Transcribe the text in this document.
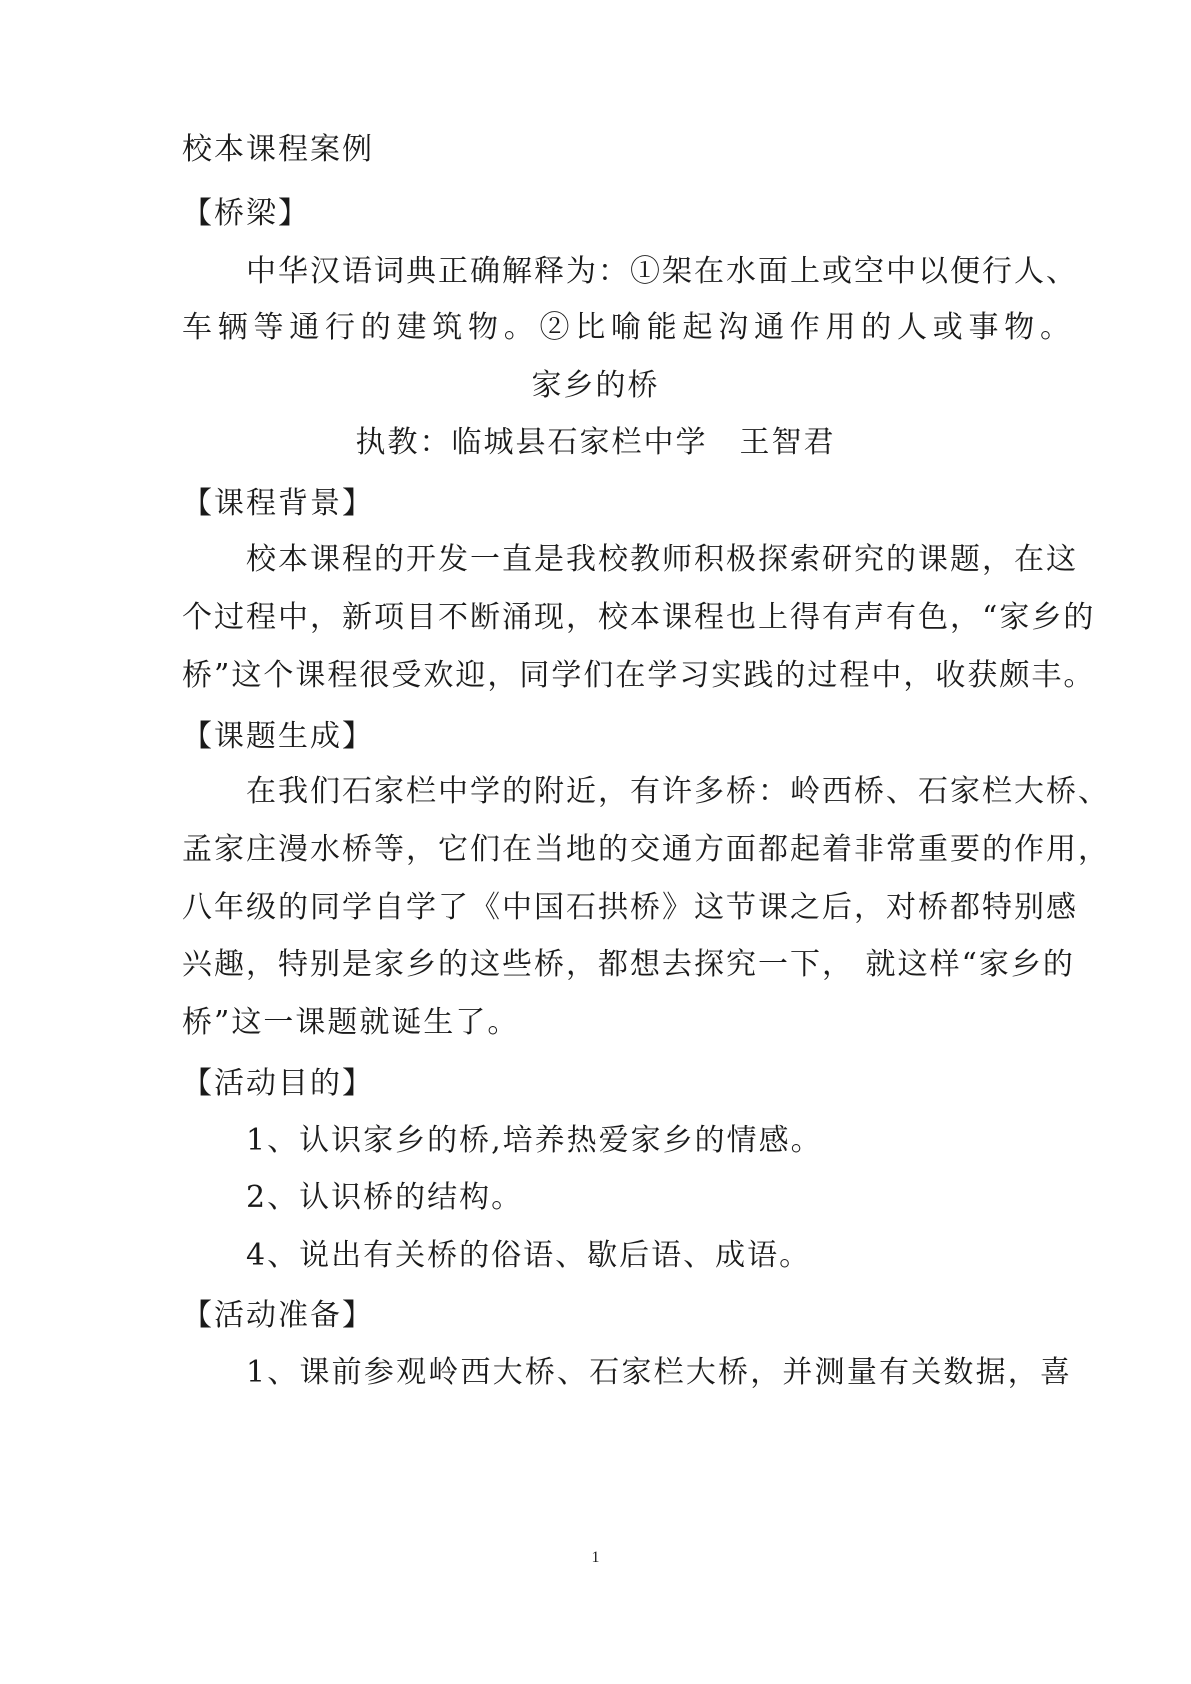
校本课程案例
【桥梁】
中华汉语词典正确解释为：①架在水面上或空中以便行人、
车辆等通行的建筑物。②比喻能起沟通作用的人或事物。
家乡的桥
执教：临城县石家栏中学　王智君
【课程背景】
校本课程的开发一直是我校教师积极探索研究的课题，在这
个过程中，新项目不断涌现，校本课程也上得有声有色，“家乡的
桥”这个课程很受欢迎，同学们在学习实践的过程中，收获颇丰。
【课题生成】
在我们石家栏中学的附近，有许多桥：岭西桥、石家栏大桥、
孟家庄漫水桥等，它们在当地的交通方面都起着非常重要的作用，
八年级的同学自学了《中国石拱桥》这节课之后，对桥都特别感
兴趣，特别是家乡的这些桥，都想去探究一下， 就这样“家乡的
桥”这一课题就诞生了。
【活动目的】
1、认识家乡的桥,培养热爱家乡的情感。
2、认识桥的结构。
4、说出有关桥的俗语、歇后语、成语。
【活动准备】
1、课前参观岭西大桥、石家栏大桥，并测量有关数据，喜
1
